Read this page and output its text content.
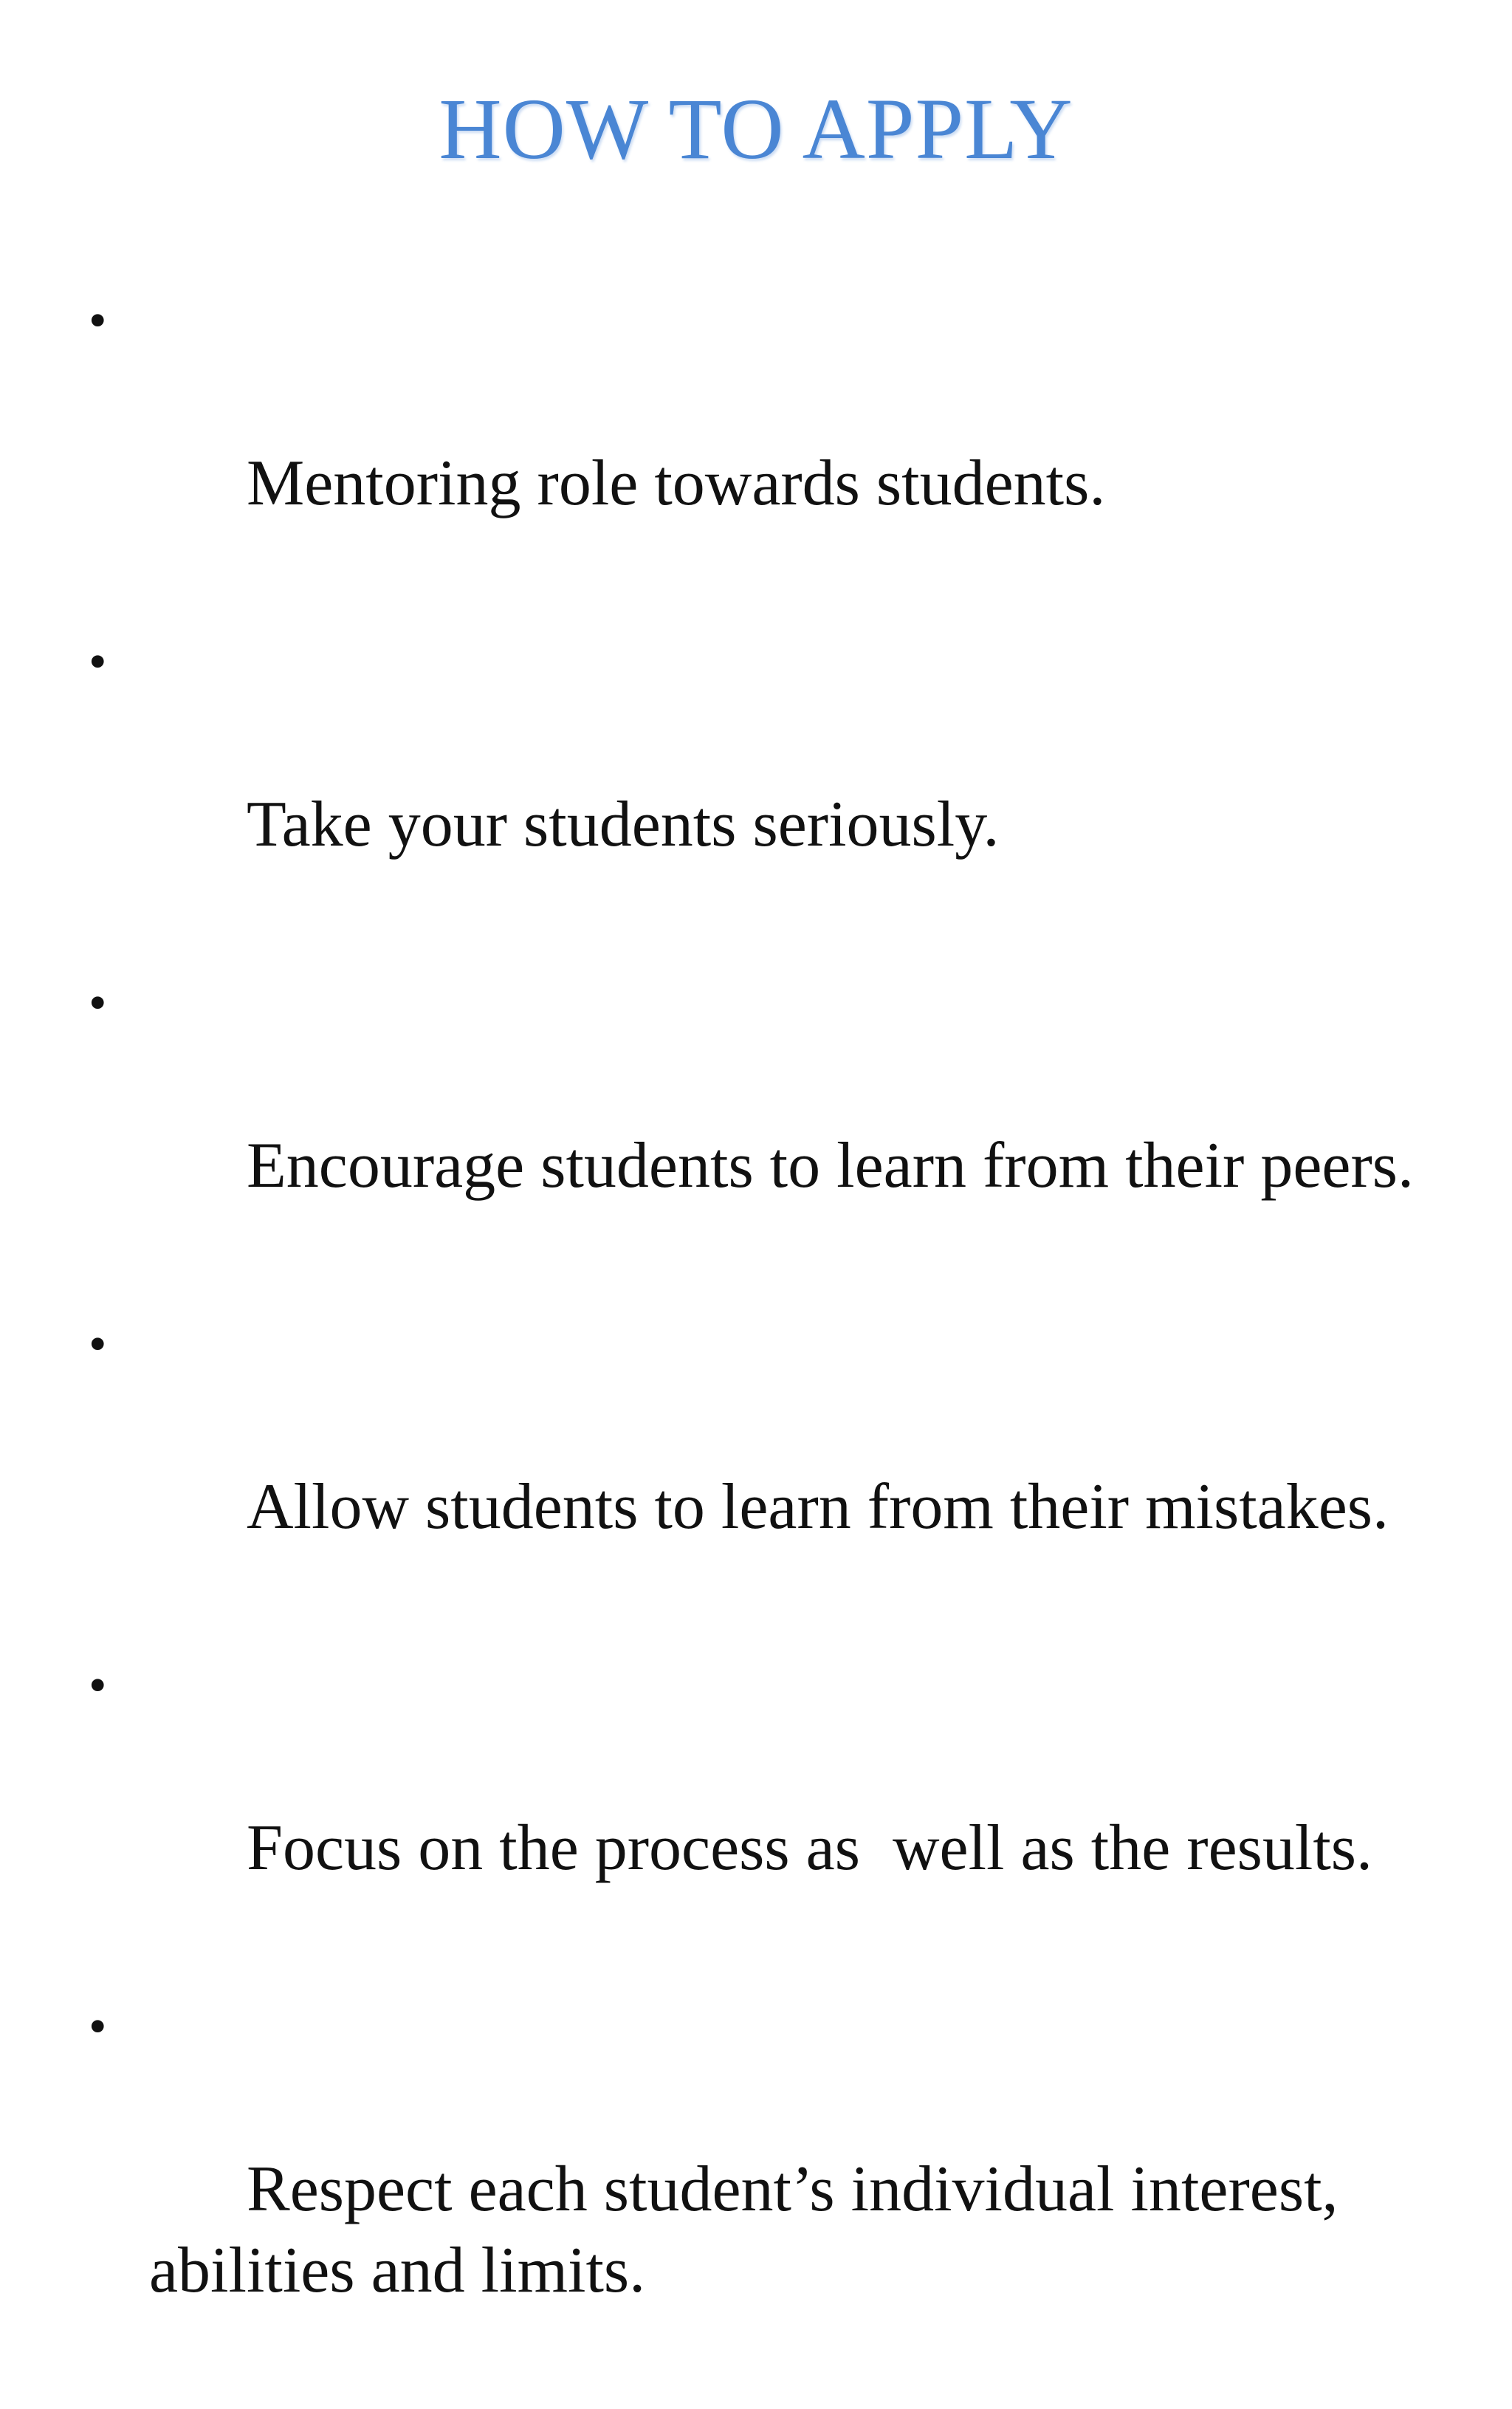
HOW TO APPLY

•

Mentoring role towards students.

•

Take your students seriously.

•

Encourage students to learn from their peers.

•

Allow students to learn from their mistakes.

•

Focus on the process as  well as the results.

•

Respect each student’s individual interest, abilities and limits.
